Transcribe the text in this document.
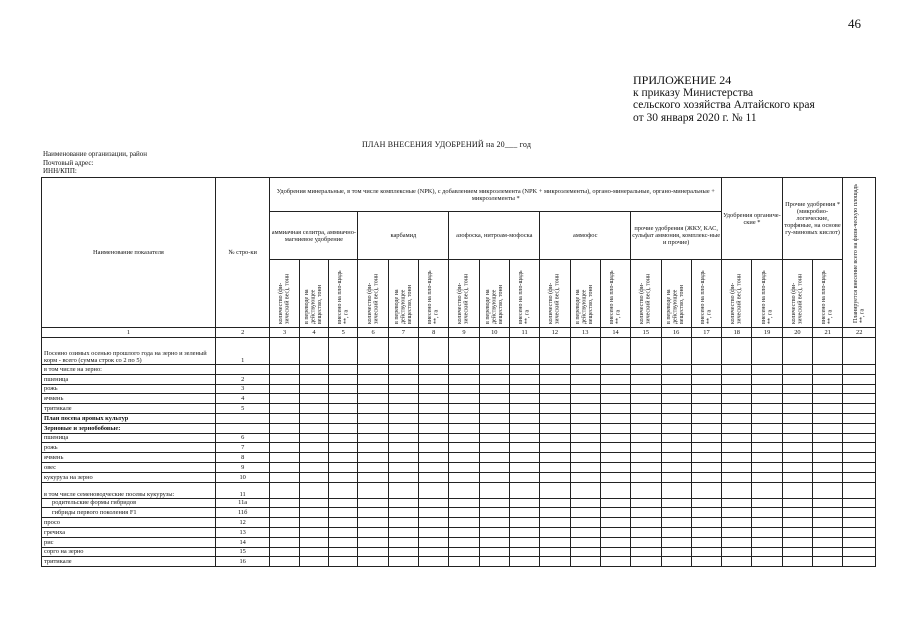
46
ПРИЛОЖЕНИЕ 24
к приказу Министерства
сельского хозяйства Алтайского края
от 30 января 2020 г. № 11
ПЛАН ВНЕСЕНИЯ УДОБРЕНИЙ на 20___ год
Наименование организации, район
Почтовый адрес:
ИНН/КПП:
Наименование показателя	№ стро-ки	Удобрения минеральные, в том числе комплексные (NPK), с добавлением микроэлемента (NPK + микроэлементы), органо-минеральные, органо-минеральные + микроэлементы *															Удобрения органиче-ские *		Прочие удобрения * (микробио-логические, торфяные, на основе гу-миновых кислот)		Планируется внесение всего на физи-ческую площадь **, га

		аммиачная селитра, аммиачно-магниевое удобрение			карбамид			азофоска, нитроам-мофоска			аммофос			прочие удобрения (ЖКУ, КАС, сульфат аммония, комплекс-ные и прочие)							

		количество (фи-зический вес), тонн	в переводе на действующее вещество, тонн	внесено на пло-щадь **, га	количество (фи-зический вес), тонн	в переводе на действующее вещество, тонн	внесено на пло-щадь **, га	количество (фи-зический вес), тонн	в переводе на действующее вещество, тонн	внесено на пло-щадь **, га	количество (фи-зический вес), тонн	в переводе на действующее вещество, тонн	внесено на пло-щадь **, га	количество (фи-зический вес), тонн	в переводе на действующее вещество, тонн	внесено на пло-щадь **, га	количество (фи-зический вес), тонн	внесено на пло-щадь **, га	количество (фи-зический вес), тонн	внесено на пло-щадь **, га	

1	2	3	4	5	6	7	8	9	10	11	12	13	14	15	16	17	18	19	20	21	22
Посеяно озимых осенью прошлого года на зерно и зеленый корм - всего (сумма строк со 2 по 5)	1																				
в том числе на зерно:																					
пшеница	2																				
рожь	3																				
ячмень	4																				
тритикале	5																				
План посева яровых культур																					
Зерновые и зернобобовые:																					
пшеница	6																				
рожь	7																				
ячмень	8																				
овес	9																				
кукуруза на зерно	10																				
в том числе семеноводческие посевы кукурузы:	11																				
родительские формы гибридов	11a																				
гибриды первого поколения F1	11б																				
просо	12																				
гречиха	13																				
рис	14																				
сорго на зерно	15																				
тритикале	16																				
